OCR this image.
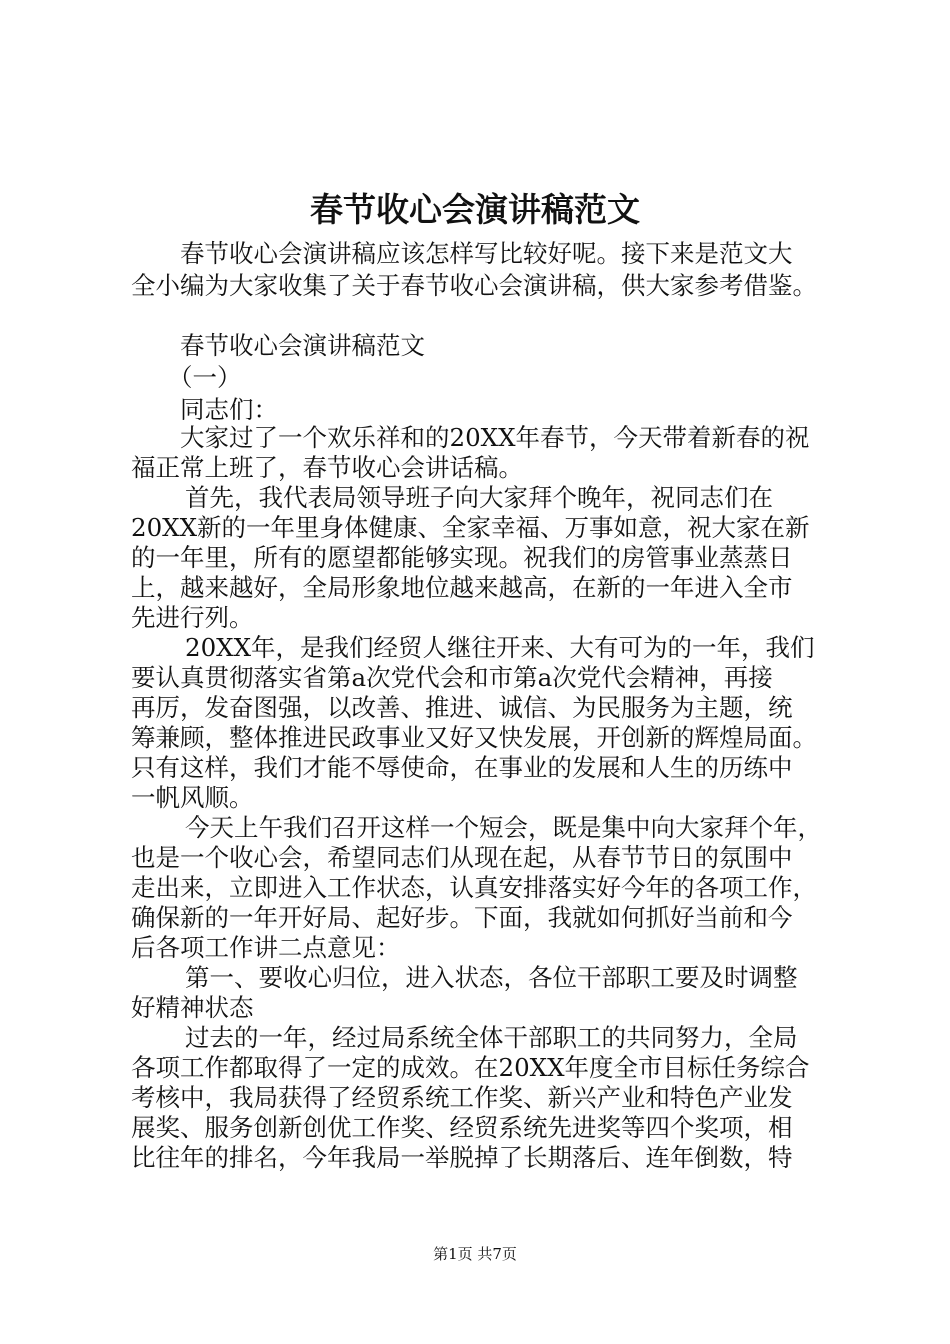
春节收心会演讲稿范文
春节收心会演讲稿应该怎样写比较好呢。接下来是范文大
全小编为大家收集了关于春节收心会演讲稿，供大家参考借鉴。
春节收心会演讲稿范文
（一）
同志们：
大家过了一个欢乐祥和的20XX年春节，今天带着新春的祝
福正常上班了，春节收心会讲话稿。
首先，我代表局领导班子向大家拜个晚年，祝同志们在
20XX新的一年里身体健康、全家幸福、万事如意，祝大家在新
的一年里，所有的愿望都能够实现。祝我们的房管事业蒸蒸日
上，越来越好，全局形象地位越来越高，在新的一年进入全市
先进行列。
20XX年，是我们经贸人继往开来、大有可为的一年，我们
要认真贯彻落实省第a次党代会和市第a次党代会精神，再接
再厉，发奋图强，以改善、推进、诚信、为民服务为主题，统
筹兼顾，整体推进民政事业又好又快发展，开创新的辉煌局面。
只有这样，我们才能不辱使命，在事业的发展和人生的历练中
一帆风顺。
今天上午我们召开这样一个短会，既是集中向大家拜个年，
也是一个收心会，希望同志们从现在起，从春节节日的氛围中
走出来，立即进入工作状态，认真安排落实好今年的各项工作，
确保新的一年开好局、起好步。下面，我就如何抓好当前和今
后各项工作讲二点意见：
第一、要收心归位，进入状态，各位干部职工要及时调整
好精神状态
过去的一年，经过局系统全体干部职工的共同努力，全局
各项工作都取得了一定的成效。在20XX年度全市目标任务综合
考核中，我局获得了经贸系统工作奖、新兴产业和特色产业发
展奖、服务创新创优工作奖、经贸系统先进奖等四个奖项，相
比往年的排名，今年我局一举脱掉了长期落后、连年倒数，特
第1页 共7页
